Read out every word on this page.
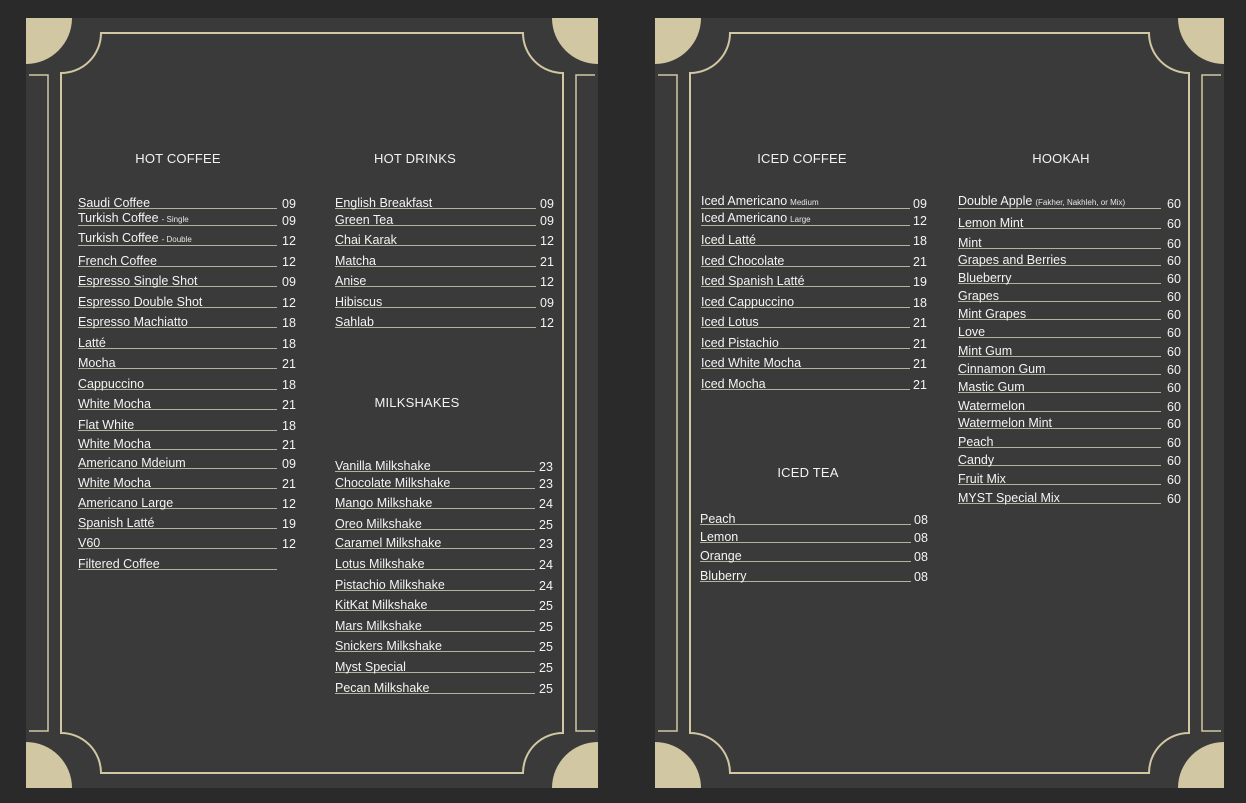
HOT COFFEE
Saudi Coffee	09
Turkish Coffee - Single	09
Turkish Coffee - Double	12
French Coffee	12
Espresso Single Shot	09
Espresso Double Shot	12
Espresso Machiatto	18
Latté	18
Mocha	21
Cappuccino	18
White Mocha	21
Flat White	18
White Mocha	21
Americano Mdeium	09
White Mocha	21
Americano Large	12
Spanish Latté	19
V60	12
Filtered Coffee
HOT DRINKS
English Breakfast	09
Green Tea	09
Chai Karak	12
Matcha	21
Anise	12
Hibiscus	09
Sahlab	12
MILKSHAKES
Vanilla Milkshake	23
Chocolate Milkshake	23
Mango Milkshake	24
Oreo Milkshake	25
Caramel Milkshake	23
Lotus Milkshake	24
Pistachio Milkshake	24
KitKat Milkshake	25
Mars Milkshake	25
Snickers Milkshake	25
Myst Special	25
Pecan Milkshake	25
ICED COFFEE
Iced Americano Medium	09
Iced Americano Large	12
Iced Latté	18
Iced Chocolate	21
Iced Spanish Latté	19
Iced Cappuccino	18
Iced Lotus	21
Iced Pistachio	21
Iced White Mocha	21
Iced Mocha	21
ICED TEA
Peach	08
Lemon	08
Orange	08
Bluberry	08
HOOKAH
Double Apple (Fakher, Nakhleh, or Mix)	60
Lemon Mint	60
Mint	60
Grapes and Berries	60
Blueberry	60
Grapes	60
Mint Grapes	60
Love	60
Mint Gum	60
Cinnamon Gum	60
Mastic Gum	60
Watermelon	60
Watermelon Mint	60
Peach	60
Candy	60
Fruit Mix	60
MYST Special Mix	60
